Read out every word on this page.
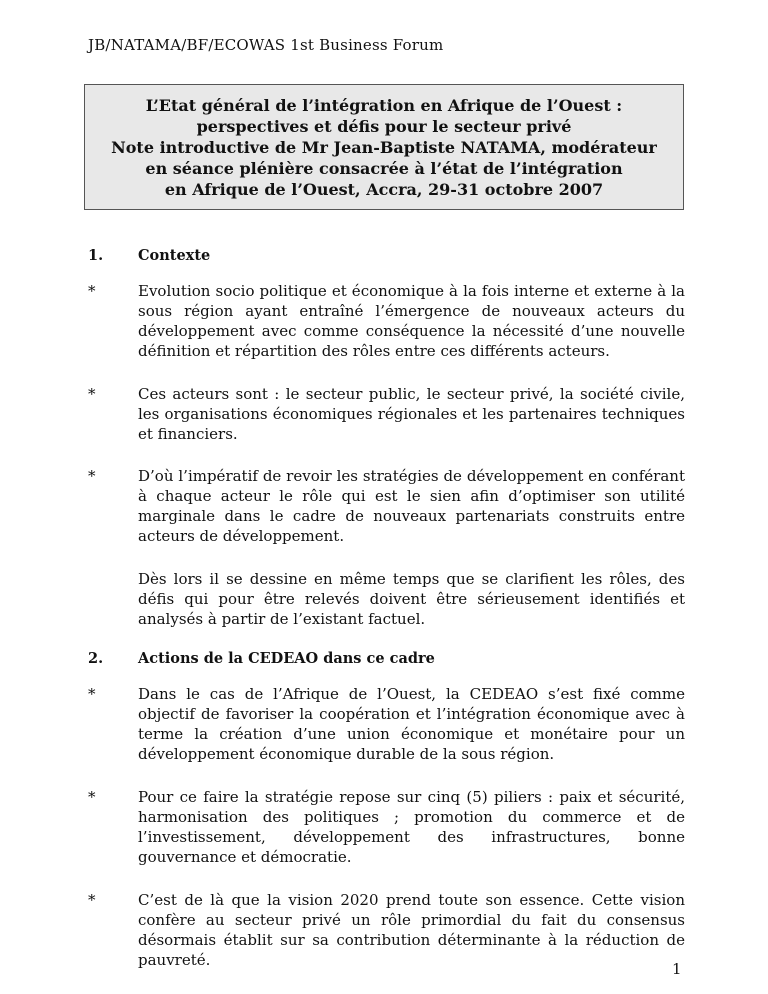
JB/NATAMA/BF/ECOWAS 1st Business Forum
L’Etat général de l’intégration en Afrique de l’Ouest :
perspectives et défis pour le secteur privé
Note introductive de Mr Jean-Baptiste NATAMA, modérateur
en séance plénière consacrée à l’état de l’intégration
en Afrique de l’Ouest, Accra, 29-31 octobre 2007
1. Contexte
*	Evolution socio politique et économique à la fois interne et externe à la
sous région ayant entraîné l’émergence de nouveaux acteurs du
développement avec comme conséquence la nécessité d’une nouvelle
définition et répartition des rôles entre ces différents acteurs.
*	Ces acteurs sont : le secteur public, le secteur privé, la société civile,
les organisations économiques régionales et les partenaires techniques
et financiers.
*	D’où l’impératif de revoir les stratégies de développement en conférant
à chaque acteur le rôle qui est le sien afin d’optimiser son utilité
marginale dans le cadre de nouveaux partenariats construits entre
acteurs de développement.
Dès lors il se dessine en même temps que se clarifient les rôles, des
défis qui pour être relevés doivent être sérieusement identifiés et
analysés à partir de l’existant factuel.
2. Actions de la CEDEAO dans ce cadre
*	Dans le cas de l’Afrique de l’Ouest, la CEDEAO s’est fixé comme
objectif de favoriser la coopération et l’intégration économique avec à
terme la création d’une union économique et monétaire pour un
développement économique durable de la sous région.
*	Pour ce faire la stratégie repose sur cinq (5) piliers : paix et sécurité,
harmonisation des politiques ; promotion du commerce et de
l’investissement, développement des infrastructures, bonne
gouvernance et démocratie.
*	C’est de là que la vision 2020 prend toute son essence. Cette vision
confère au secteur privé un rôle primordial du fait du consensus
désormais établit sur sa contribution déterminante à la réduction de
pauvreté.	1
